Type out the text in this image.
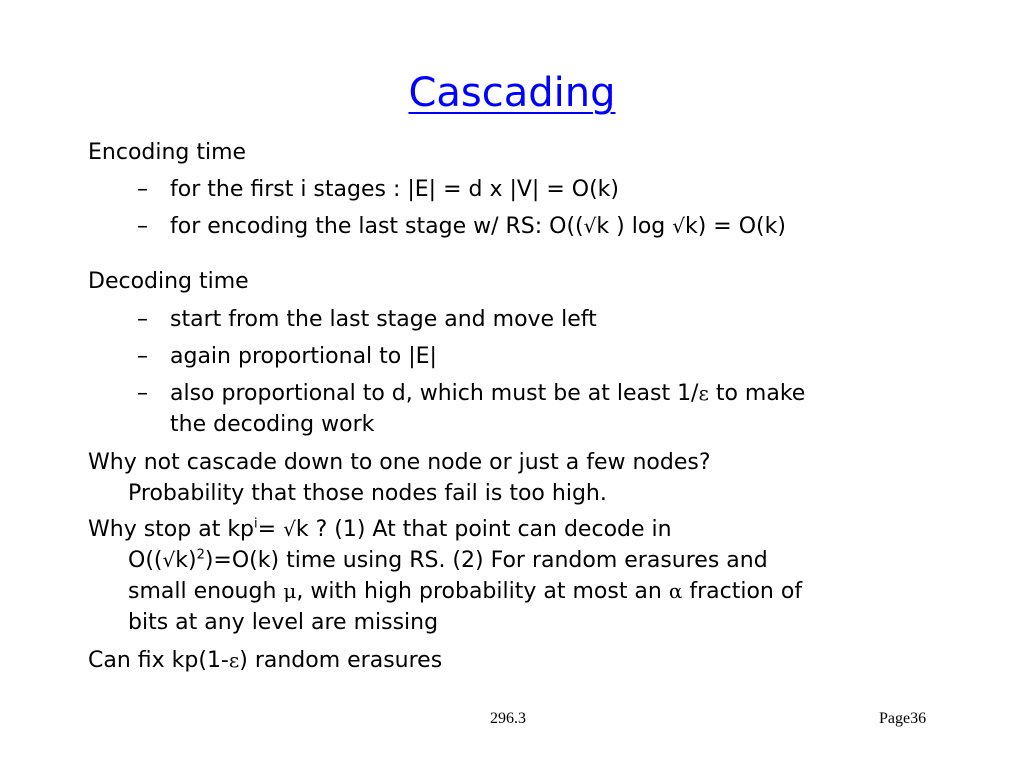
Cascading
Encoding time
– for the first i stages : |E| = d x |V| = O(k)
– for encoding the last stage w/ RS: O((√k ) log √k) = O(k)
Decoding time
– start from the last stage and move left
– again proportional to |E|
– also proportional to d, which must be at least 1/ε to make
the decoding work
Why not cascade down to one node or just a few nodes?
Probability that those nodes fail is too high.
Why stop at $kp^i= √k$ ? (1) At that point can decode in
$O((√k)^2)=O(k)$ time using RS. (2) For random erasures and
small enough μ, with high probability at most an α fraction of
bits at any level are missing
Can fix kp(1-ε) random erasures
296.3	Page36
